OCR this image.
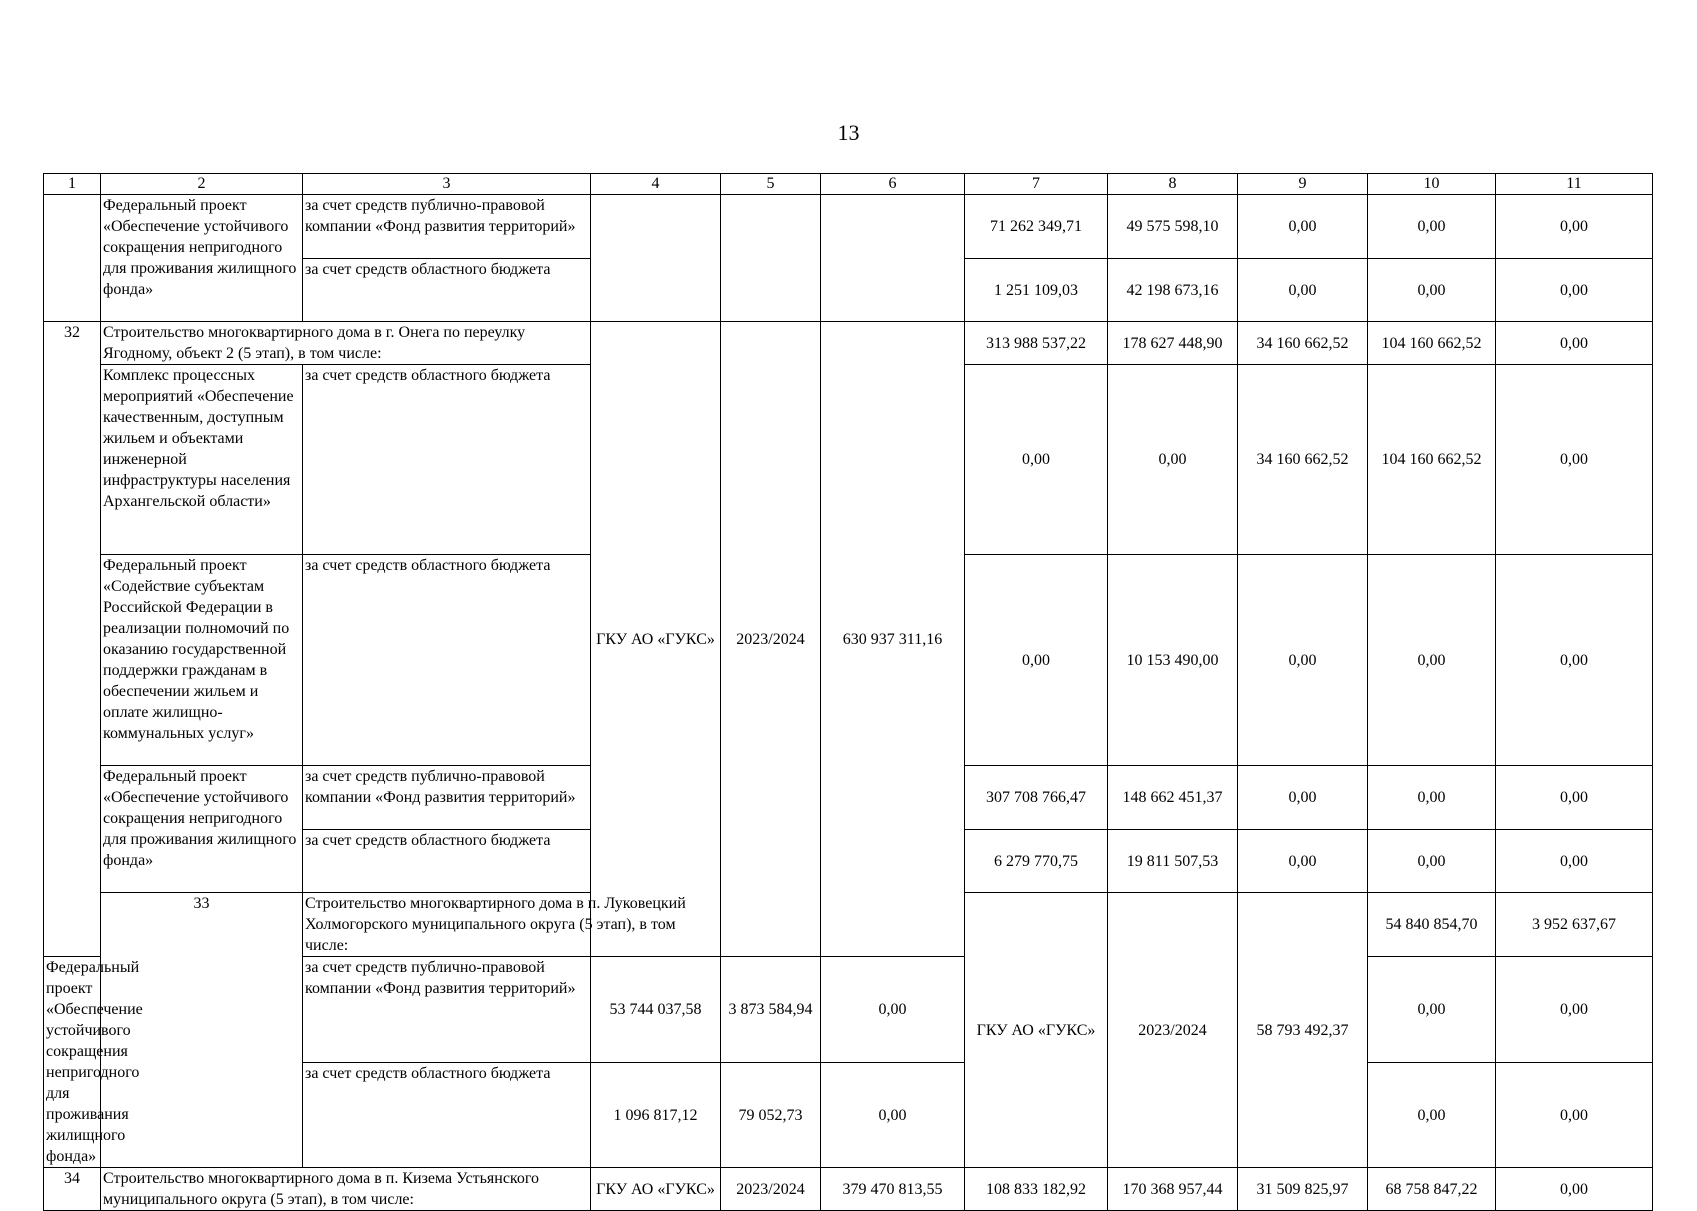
13
1	2	3	4	5	6	7	8	9	10	11	
	Федеральный проект «Обеспечение устойчивого сокращения непригодного для проживания жилищного фонда»	за счет средств публично-правовой компании «Фонд развития территорий»				71 262 349,71	49 575 598,10	0,00	0,00	0,00	
		за счет средств областного бюджета				1 251 109,03	42 198 673,16	0,00	0,00	0,00	
32	Строительство многоквартирного дома в г. Онега по переулку Ягодному, объект 2 (5 этап), в том числе:		ГКУ АО «ГУКС»	2023/2024	630 937 311,16	313 988 537,22	178 627 448,90	34 160 662,52	104 160 662,52	0,00	
	Комплекс процессных мероприятий «Обеспечение качественным, доступным жильем и объектами инженерной инфраструктуры населения Архангельской области»	за счет средств областного бюджета				0,00	0,00	34 160 662,52	104 160 662,52	0,00	
	Федеральный проект «Содействие субъектам Российской Федерации в реализации полномочий по оказанию государственной поддержки гражданам в обеспечении жильем и оплате жилищно-коммунальных услуг»	за счет средств областного бюджета				0,00	10 153 490,00	0,00	0,00	0,00	
	Федеральный проект «Обеспечение устойчивого сокращения непригодного для проживания жилищного фонда»	за счет средств публично-правовой компании «Фонд развития территорий»				307 708 766,47	148 662 451,37	0,00	0,00	0,00	
		за счет средств областного бюджета				6 279 770,75	19 811 507,53	0,00	0,00	0,00	
	33	Строительство многоквартирного дома в п. Луковецкий Холмогорского муниципального округа (5 этап), в том числе:				ГКУ АО «ГУКС»	2023/2024	58 793 492,37	54 840 854,70	3 952 637,67			
Федеральный проект «Обеспечение устойчивого сокращения непригодного для проживания жилищного фонда»		за счет средств публично-правовой компании «Фонд развития территорий»	53 744 037,58	3 873 584,94	0,00				0,00	0,00	
		за счет средств областного бюджета	1 096 817,12	79 052,73	0,00				0,00	0,00	
34	Строительство многоквартирного дома в п. Кизема Устьянского муниципального округа (5 этап), в том числе:		ГКУ АО «ГУКС»	2023/2024	379 470 813,55	108 833 182,92	170 368 957,44	31 509 825,97	68 758 847,22	0,00	
